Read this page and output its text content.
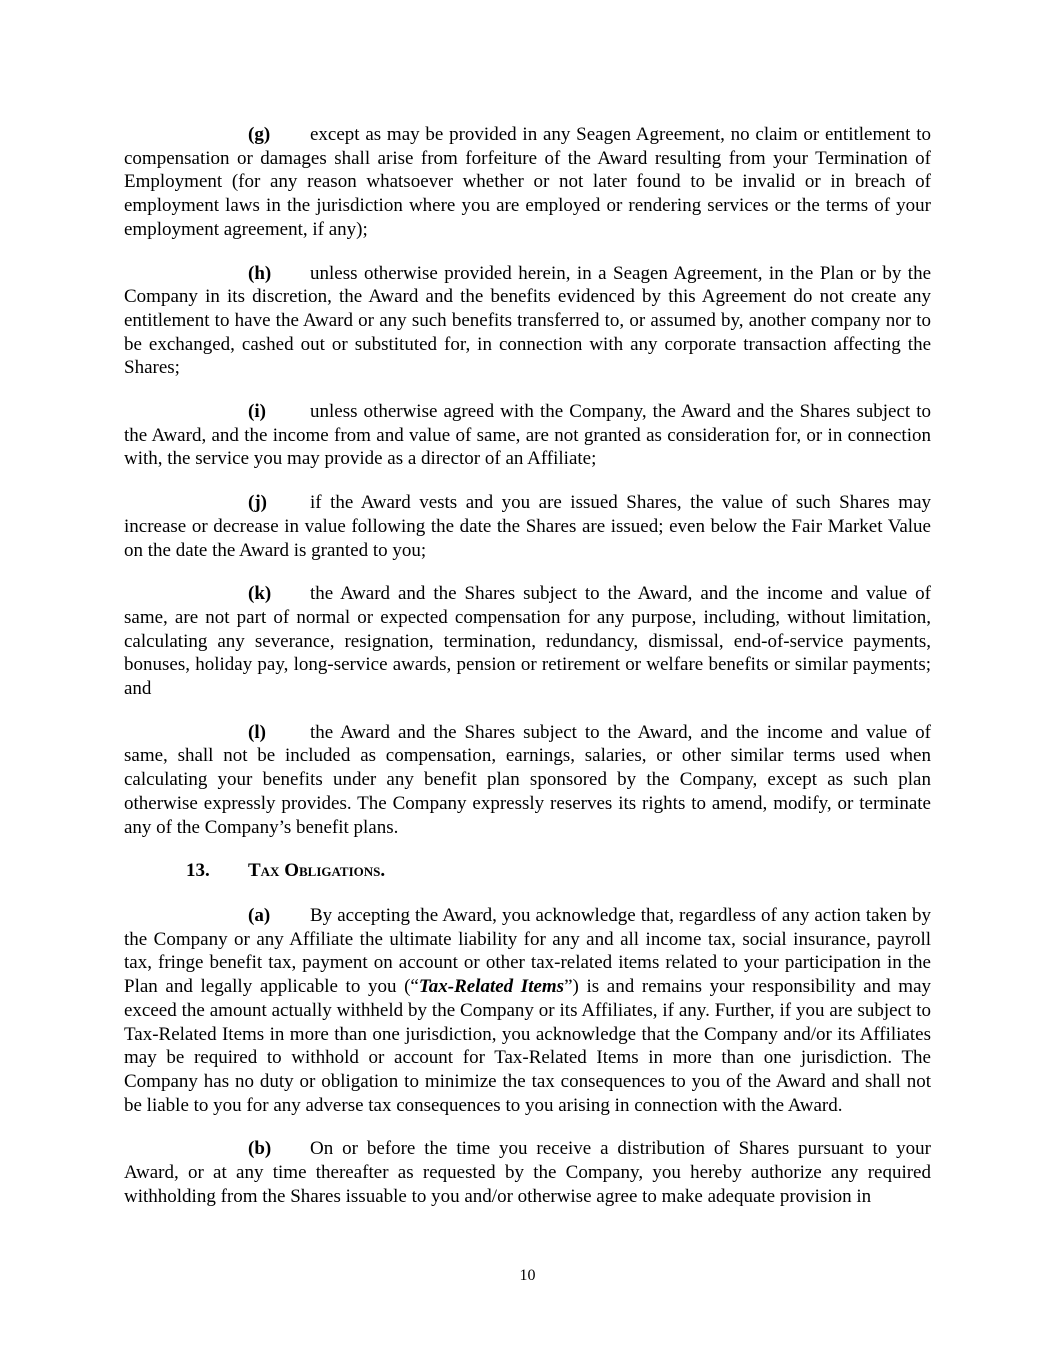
(g) except as may be provided in any Seagen Agreement, no claim or entitlement to compensation or damages shall arise from forfeiture of the Award resulting from your Termination of Employment (for any reason whatsoever whether or not later found to be invalid or in breach of employment laws in the jurisdiction where you are employed or rendering services or the terms of your employment agreement, if any);

(h) unless otherwise provided herein, in a Seagen Agreement, in the Plan or by the Company in its discretion, the Award and the benefits evidenced by this Agreement do not create any entitlement to have the Award or any such benefits transferred to, or assumed by, another company nor to be exchanged, cashed out or substituted for, in connection with any corporate transaction affecting the Shares;

(i) unless otherwise agreed with the Company, the Award and the Shares subject to the Award, and the income from and value of same, are not granted as consideration for, or in connection with, the service you may provide as a director of an Affiliate;

(j) if the Award vests and you are issued Shares, the value of such Shares may increase or decrease in value following the date the Shares are issued; even below the Fair Market Value on the date the Award is granted to you;

(k) the Award and the Shares subject to the Award, and the income and value of same, are not part of normal or expected compensation for any purpose, including, without limitation, calculating any severance, resignation, termination, redundancy, dismissal, end-of-service payments, bonuses, holiday pay, long-service awards, pension or retirement or welfare benefits or similar payments; and

(l) the Award and the Shares subject to the Award, and the income and value of same, shall not be included as compensation, earnings, salaries, or other similar terms used when calculating your benefits under any benefit plan sponsored by the Company, except as such plan otherwise expressly provides. The Company expressly reserves its rights to amend, modify, or terminate any of the Company’s benefit plans.

13. Tax Obligations.

(a) By accepting the Award, you acknowledge that, regardless of any action taken by the Company or any Affiliate the ultimate liability for any and all income tax, social insurance, payroll tax, fringe benefit tax, payment on account or other tax-related items related to your participation in the Plan and legally applicable to you (“Tax-Related Items”) is and remains your responsibility and may exceed the amount actually withheld by the Company or its Affiliates, if any. Further, if you are subject to Tax-Related Items in more than one jurisdiction, you acknowledge that the Company and/or its Affiliates may be required to withhold or account for Tax-Related Items in more than one jurisdiction. The Company has no duty or obligation to minimize the tax consequences to you of the Award and shall not be liable to you for any adverse tax consequences to you arising in connection with the Award.

(b) On or before the time you receive a distribution of Shares pursuant to your Award, or at any time thereafter as requested by the Company, you hereby authorize any required withholding from the Shares issuable to you and/or otherwise agree to make adequate provision in

10
